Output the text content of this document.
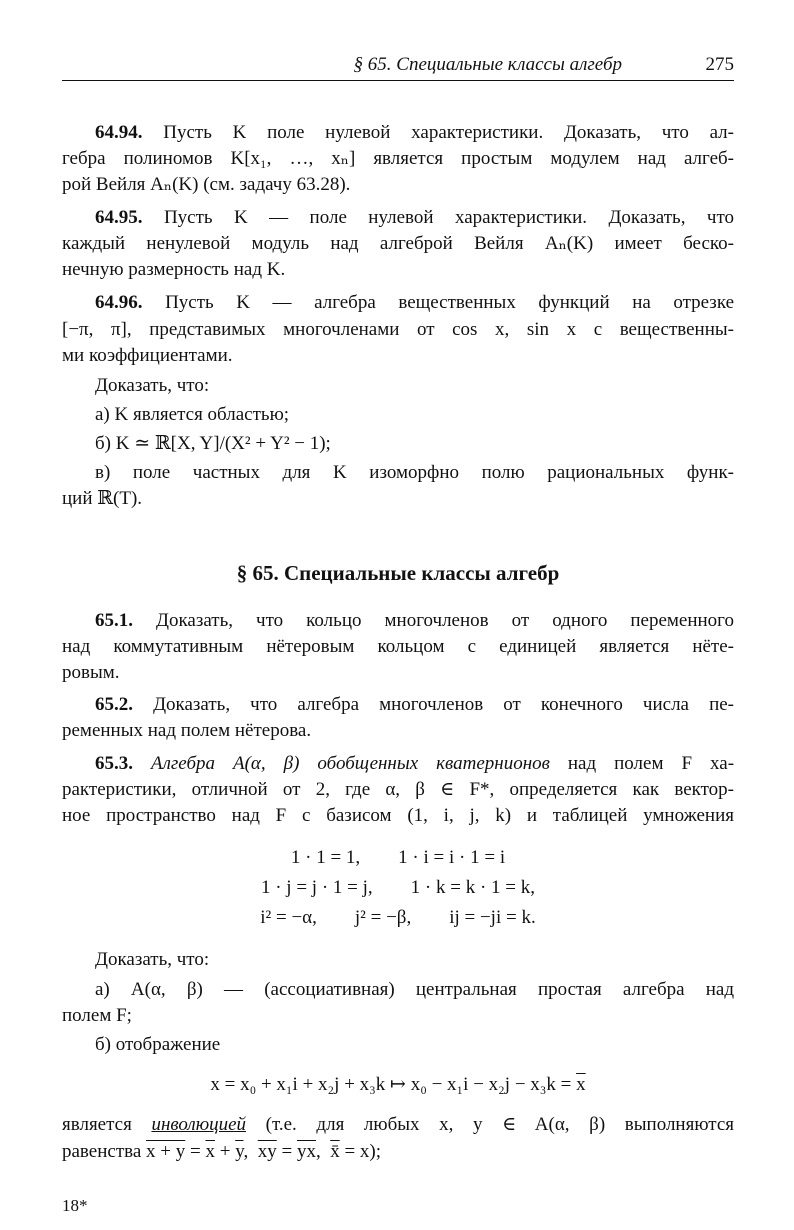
§ 65. Специальные классы алгебр	275
64.94. Пусть K поле нулевой характеристики. Доказать, что ал-
гебра полиномов K[x₁, …, xₙ] является простым модулем над алгеб-
рой Вейля Aₙ(K) (см. задачу 63.28).
64.95. Пусть K — поле нулевой характеристики. Доказать, что
каждый ненулевой модуль над алгеброй Вейля Aₙ(K) имеет беско-
нечную размерность над K.
64.96. Пусть K — алгебра вещественных функций на отрезке
[−π, π], представимых многочленами от cos x, sin x с вещественны-
ми коэффициентами.
Доказать, что:
а) K является областью;
б) K ≃ ℝ[X, Y]/(X² + Y² − 1);
в) поле частных для K изоморфно полю рациональных функ-
ций ℝ(T).
§ 65. Специальные классы алгебр
65.1. Доказать, что кольцо многочленов от одного переменного
над коммутативным нётеровым кольцом с единицей является нёте-
ровым.
65.2. Доказать, что алгебра многочленов от конечного числа пе-
ременных над полем нётерова.
65.3. Алгебра A(α, β) обобщенных кватернионов над полем F ха-
рактеристики, отличной от 2, где α, β ∈ F*, определяется как вектор-
ное пространство над F с базисом (1, i, j, k) и таблицей умножения
1 · 1 = 1,        1 · i = i · 1 = i
1 · j = j · 1 = j,        1 · k = k · 1 = k,
i² = −α,        j² = −β,        ij = −ji = k.
Доказать, что:
а) A(α, β) — (ассоциативная) центральная простая алгебра над
полем F;
б) отображение
x = x₀ + x₁i + x₂j + x₃k ↦ $x_0 - x_1i - x_2j - x_3k = \overline{x}$
является инволюцией (т.е. для любых x, y ∈ A(α, β) выполняются
равенства $x + y = \overline{x} + \overline{y}$,  $\overline{xy} = \overline{yx}$,  x̄ = x);
18*
